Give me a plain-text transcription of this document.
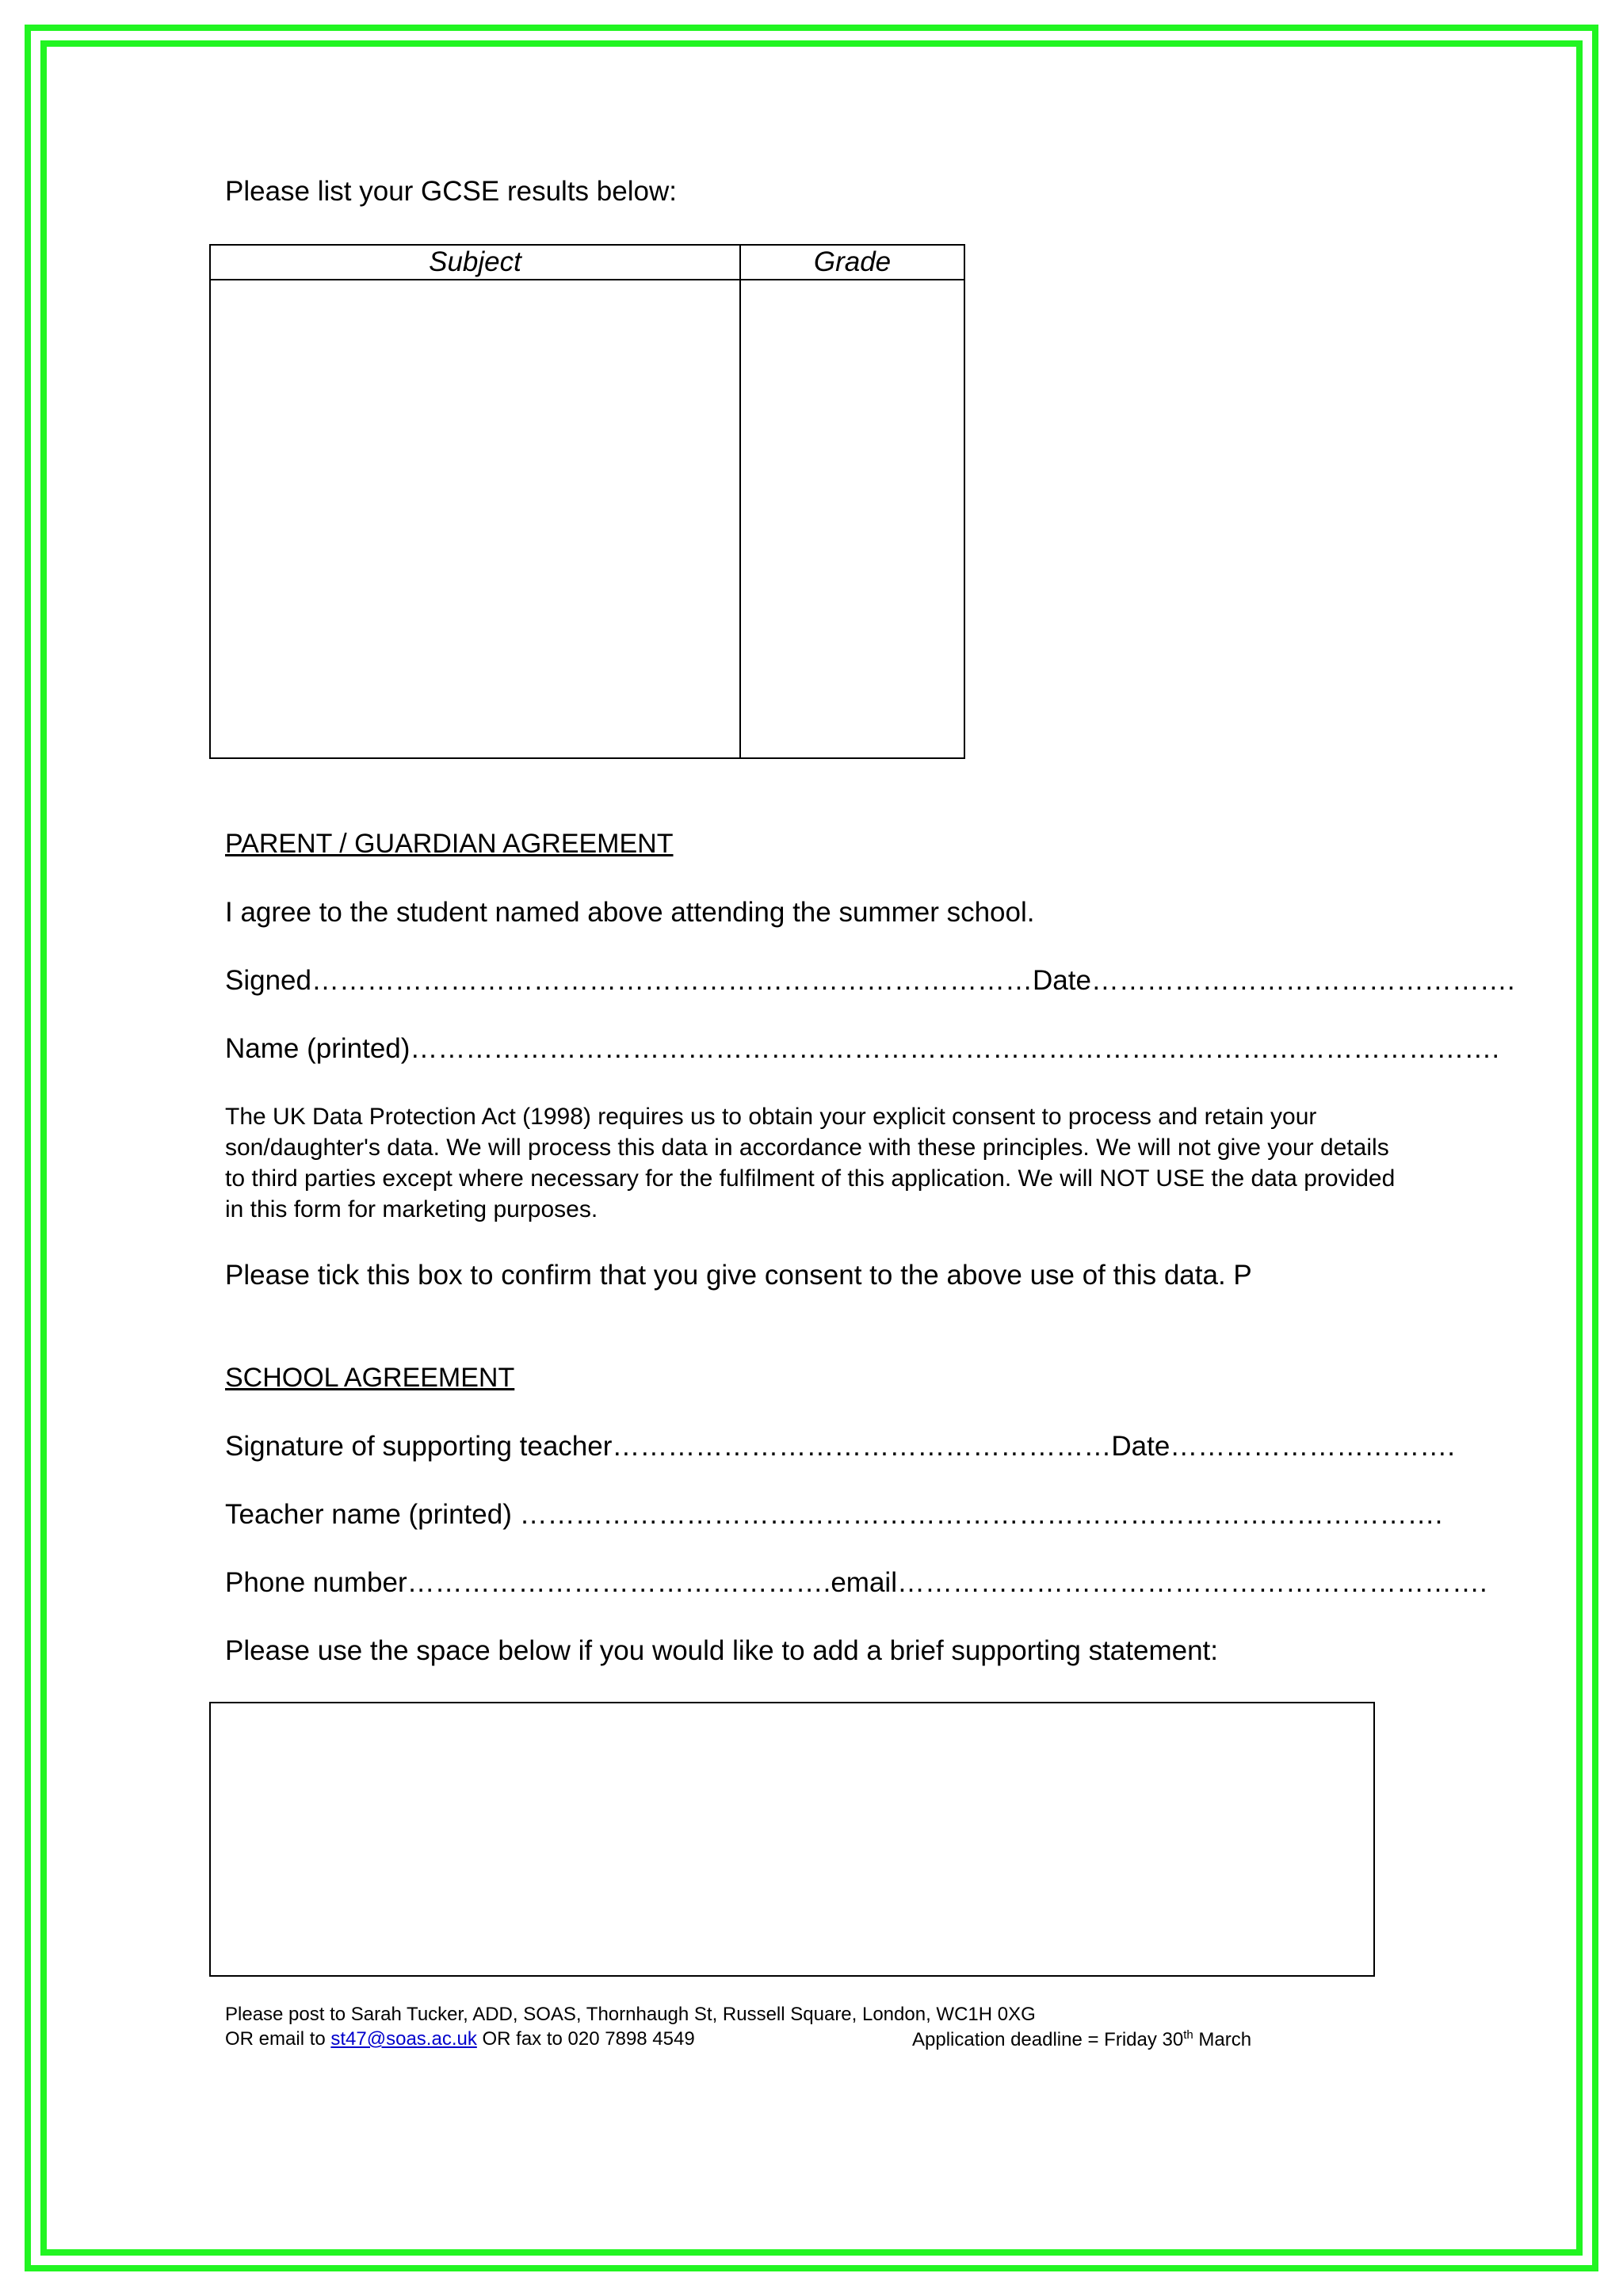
Please list your GCSE results below:
Subject	Grade

PARENT / GUARDIAN AGREEMENT
I agree to the student named above attending the summer school.
Signed……………………………………………………………………Date……………………………………….
Name (printed)……………………………………………………………………………………………………….
The UK Data Protection Act (1998) requires us to obtain your explicit consent to process and retain your son/daughter's data. We will process this data in accordance with these principles. We will not give your details to third parties except where necessary for the fulfilment of this application. We will NOT USE the data provided in this form for marketing purposes.
Please tick this box to confirm that you give consent to the above use of this data. P
SCHOOL AGREEMENT
Signature of supporting teacher………………………………………………Date………………………….
Teacher name (printed) ……………………………………………………………………………………….
Phone number……………………………………….email……………………………………………………….
Please use the space below if you would like to add a brief supporting statement:
Please post to Sarah Tucker, ADD, SOAS, Thornhaugh St, Russell Square, London, WC1H 0XG
OR email to st47@soas.ac.uk OR fax to 020 7898 4549	Application deadline = Friday 30th March
